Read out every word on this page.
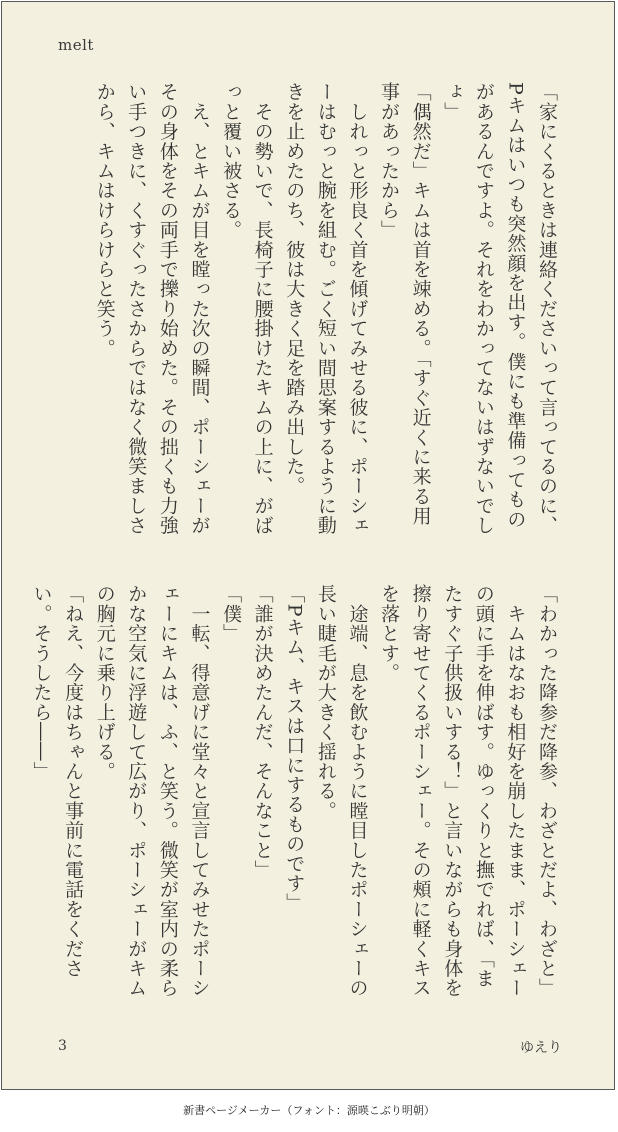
melt

「家にくるときは連絡くださいって言ってるのに、Pキムはいつも突然顔を出す。僕にも準備ってものがあるんですよ。それをわかってないはずないでしょ」

「偶然だ」キムは首を竦める。「すぐ近くに来る用事があったから」

　しれっと形良く首を傾げてみせる彼に、ポーシェーはむっと腕を組む。ごく短い間思案するように動きを止めたのち、彼は大きく足を踏み出した。

　その勢いで、長椅子に腰掛けたキムの上に、がばっと覆い被さる。

　え、とキムが目を瞠った次の瞬間、ポーシェーがその身体をその両手で擽り始めた。その拙くも力強い手つきに、くすぐったさからではなく微笑ましさから、キムはけらけらと笑う。

「わかった降参だ降参、わざとだよ、わざと」

　キムはなおも相好を崩したまま、ポーシェーの頭に手を伸ばす。ゆっくりと撫でれば、「またすぐ子供扱いする！」と言いながらも身体を擦り寄せてくるポーシェー。その頰に軽くキスを落とす。

　途端、息を飲むように瞠目したポーシェーの長い睫毛が大きく揺れる。

「Pキム、キスは口にするものです」

「誰が決めたんだ、そんなこと」

「僕」

　一転、得意げに堂々と宣言してみせたポーシェーにキムは、ふ、と笑う。微笑が室内の柔らかな空気に浮遊して広がり、ポーシェーがキムの胸元に乗り上げる。

「ねえ、今度はちゃんと事前に電話をください。そうしたら――」

3	ゆえり
新書ページメーカー（フォント：源暎こぶり明朝）
